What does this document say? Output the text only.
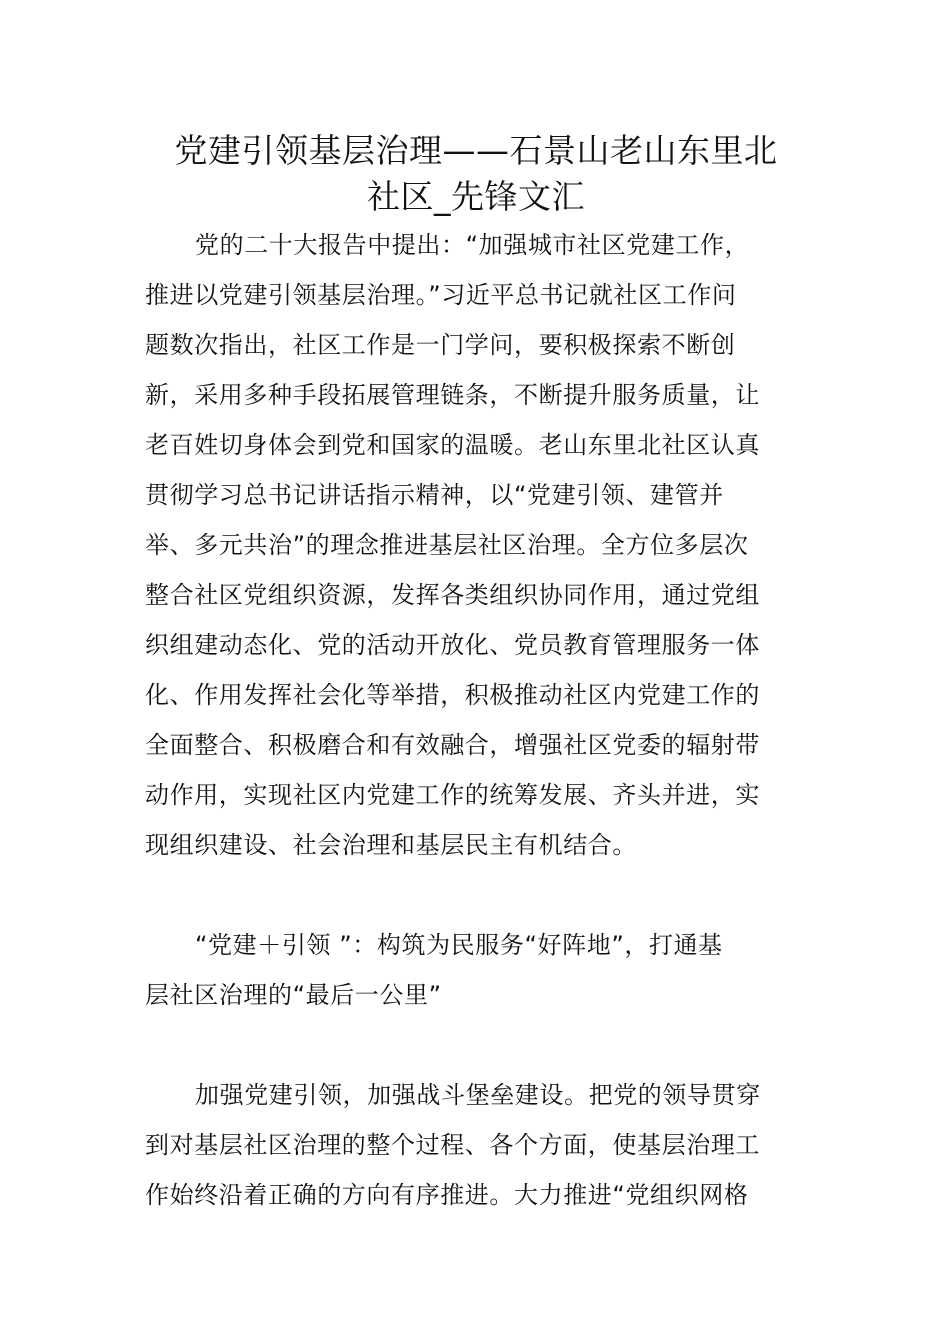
党建引领基层治理——石景山老山东里北
社区_先锋文汇

党的二十大报告中提出：“加强城市社区党建工作，
推进以党建引领基层治理。”习近平总书记就社区工作问
题数次指出，社区工作是一门学问，要积极探索不断创
新，采用多种手段拓展管理链条，不断提升服务质量，让
老百姓切身体会到党和国家的温暖。老山东里北社区认真
贯彻学习总书记讲话指示精神，以“党建引领、建管并
举、多元共治”的理念推进基层社区治理。全方位多层次
整合社区党组织资源，发挥各类组织协同作用，通过党组
织组建动态化、党的活动开放化、党员教育管理服务一体
化、作用发挥社会化等举措，积极推动社区内党建工作的
全面整合、积极磨合和有效融合，增强社区党委的辐射带
动作用，实现社区内党建工作的统筹发展、齐头并进，实
现组织建设、社会治理和基层民主有机结合。

“党建＋引领 ”：构筑为民服务“好阵地”，打通基
层社区治理的“最后一公里”

加强党建引领，加强战斗堡垒建设。把党的领导贯穿
到对基层社区治理的整个过程、各个方面，使基层治理工
作始终沿着正确的方向有序推进。大力推进“党组织网格
